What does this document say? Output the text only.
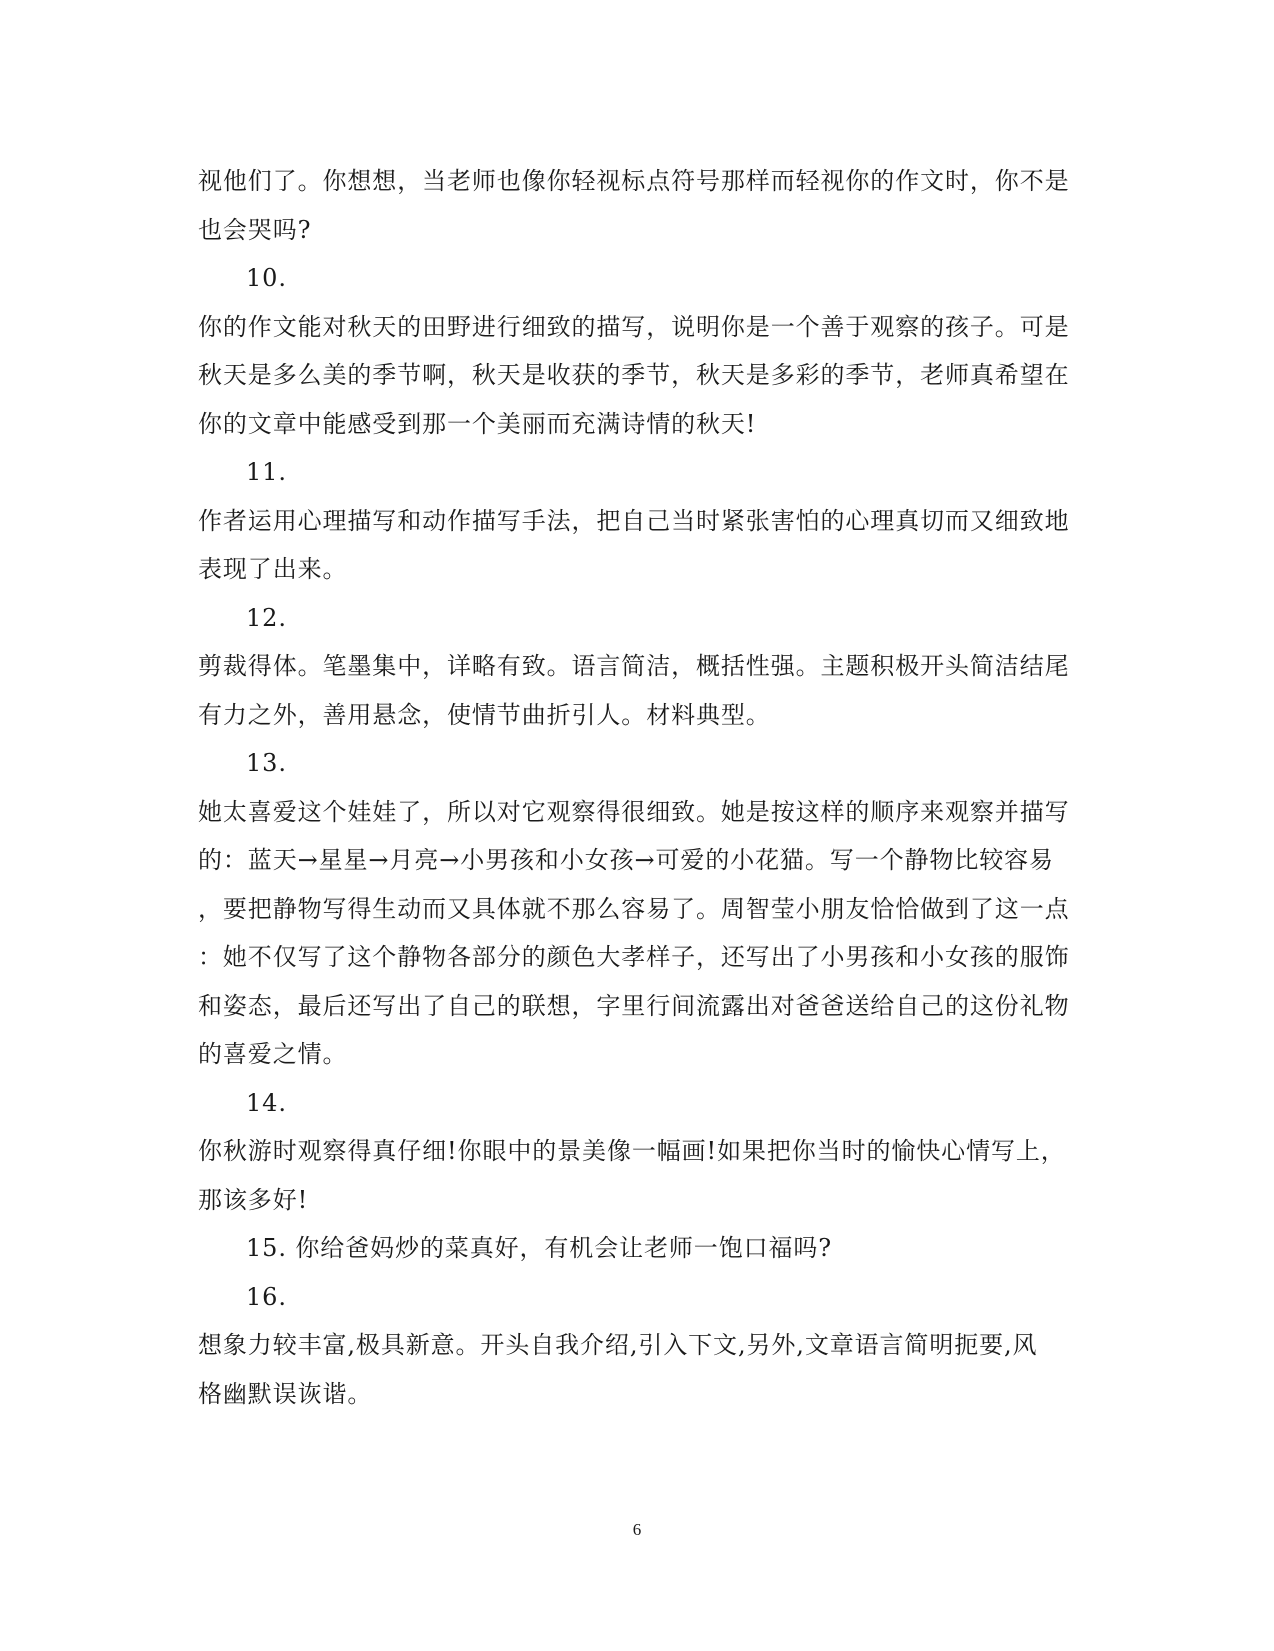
视他们了。你想想，当老师也像你轻视标点符号那样而轻视你的作文时，你不是
也会哭吗?
10.
你的作文能对秋天的田野进行细致的描写，说明你是一个善于观察的孩子。可是
秋天是多么美的季节啊，秋天是收获的季节，秋天是多彩的季节，老师真希望在
你的文章中能感受到那一个美丽而充满诗情的秋天!
11.
作者运用心理描写和动作描写手法，把自己当时紧张害怕的心理真切而又细致地
表现了出来。
12.
剪裁得体。笔墨集中，详略有致。语言简洁，概括性强。主题积极开头简洁结尾
有力之外，善用悬念，使情节曲折引人。材料典型。
13.
她太喜爱这个娃娃了，所以对它观察得很细致。她是按这样的顺序来观察并描写
的：蓝天→星星→月亮→小男孩和小女孩→可爱的小花猫。写一个静物比较容易
，要把静物写得生动而又具体就不那么容易了。周智莹小朋友恰恰做到了这一点
：她不仅写了这个静物各部分的颜色大孝样子，还写出了小男孩和小女孩的服饰
和姿态，最后还写出了自己的联想，字里行间流露出对爸爸送给自己的这份礼物
的喜爱之情。
14.
你秋游时观察得真仔细!你眼中的景美像一幅画!如果把你当时的愉快心情写上，
那该多好!
15. 你给爸妈炒的菜真好，有机会让老师一饱口福吗?
16.
想象力较丰富,极具新意。开头自我介绍,引入下文,另外,文章语言简明扼要,风
格幽默误诙谐。
6
